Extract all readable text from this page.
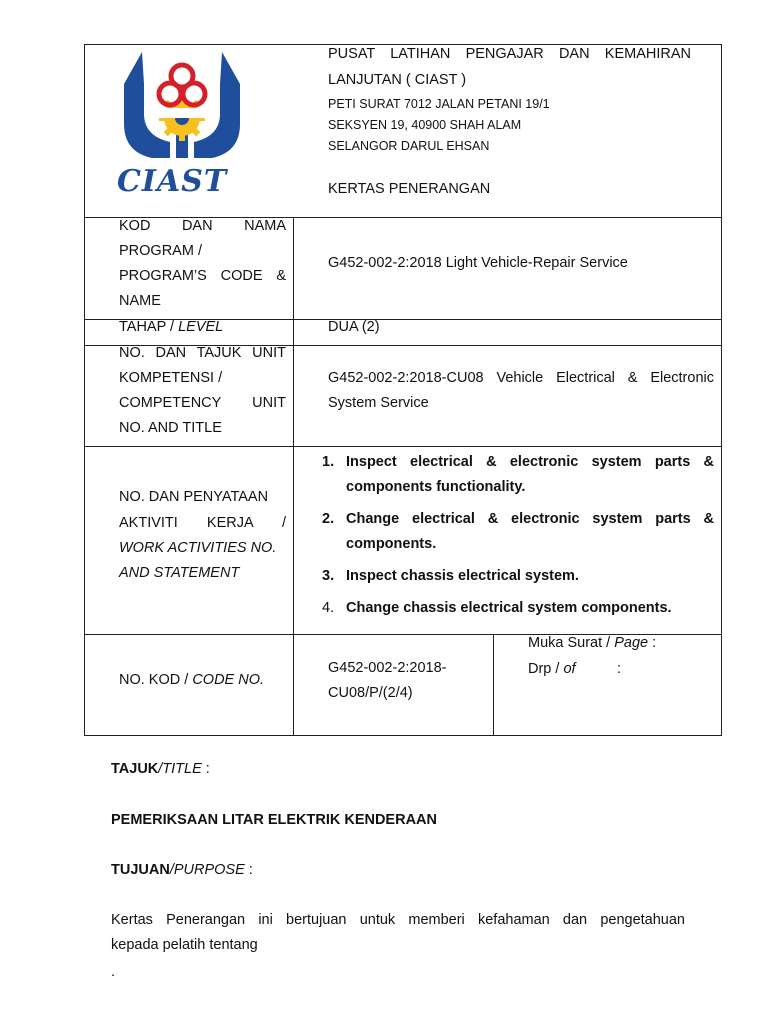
CIAST
PUSAT LATIHAN PENGAJAR DAN KEMAHIRAN
LANJUTAN ( CIAST )
PETI SURAT 7012 JALAN PETANI 19/1
SEKSYEN 19, 40900 SHAH ALAM
SELANGOR DARUL EHSAN
KERTAS PENERANGAN
KOD DAN NAMA
PROGRAM /
PROGRAM’S CODE &
NAME
G452-002-2:2018 Light Vehicle-Repair Service
TAHAP / LEVEL	DUA (2)
NO. DAN TAJUK UNIT
KOMPETENSI /
COMPETENCY UNIT
NO. AND TITLE
G452-002-2:2018-CU08 Vehicle Electrical & Electronic
System Service
NO. DAN PENYATAAN
AKTIVITI KERJA /
WORK ACTIVITIES NO.
AND STATEMENT
1. Inspect electrical & electronic system parts & components functionality.
2. Change electrical & electronic system parts & components.
3. Inspect chassis electrical system.
4. Change chassis electrical system components.
NO. KOD / CODE NO.
G452-002-2:2018-
CU08/P/(2/4)
Muka Surat / Page :
Drp / of	:
TAJUK/TITLE :
PEMERIKSAAN LITAR ELEKTRIK KENDERAAN
TUJUAN/PURPOSE :
Kertas Penerangan ini bertujuan untuk memberi kefahaman dan pengetahuan
kepada pelatih tentang
.
